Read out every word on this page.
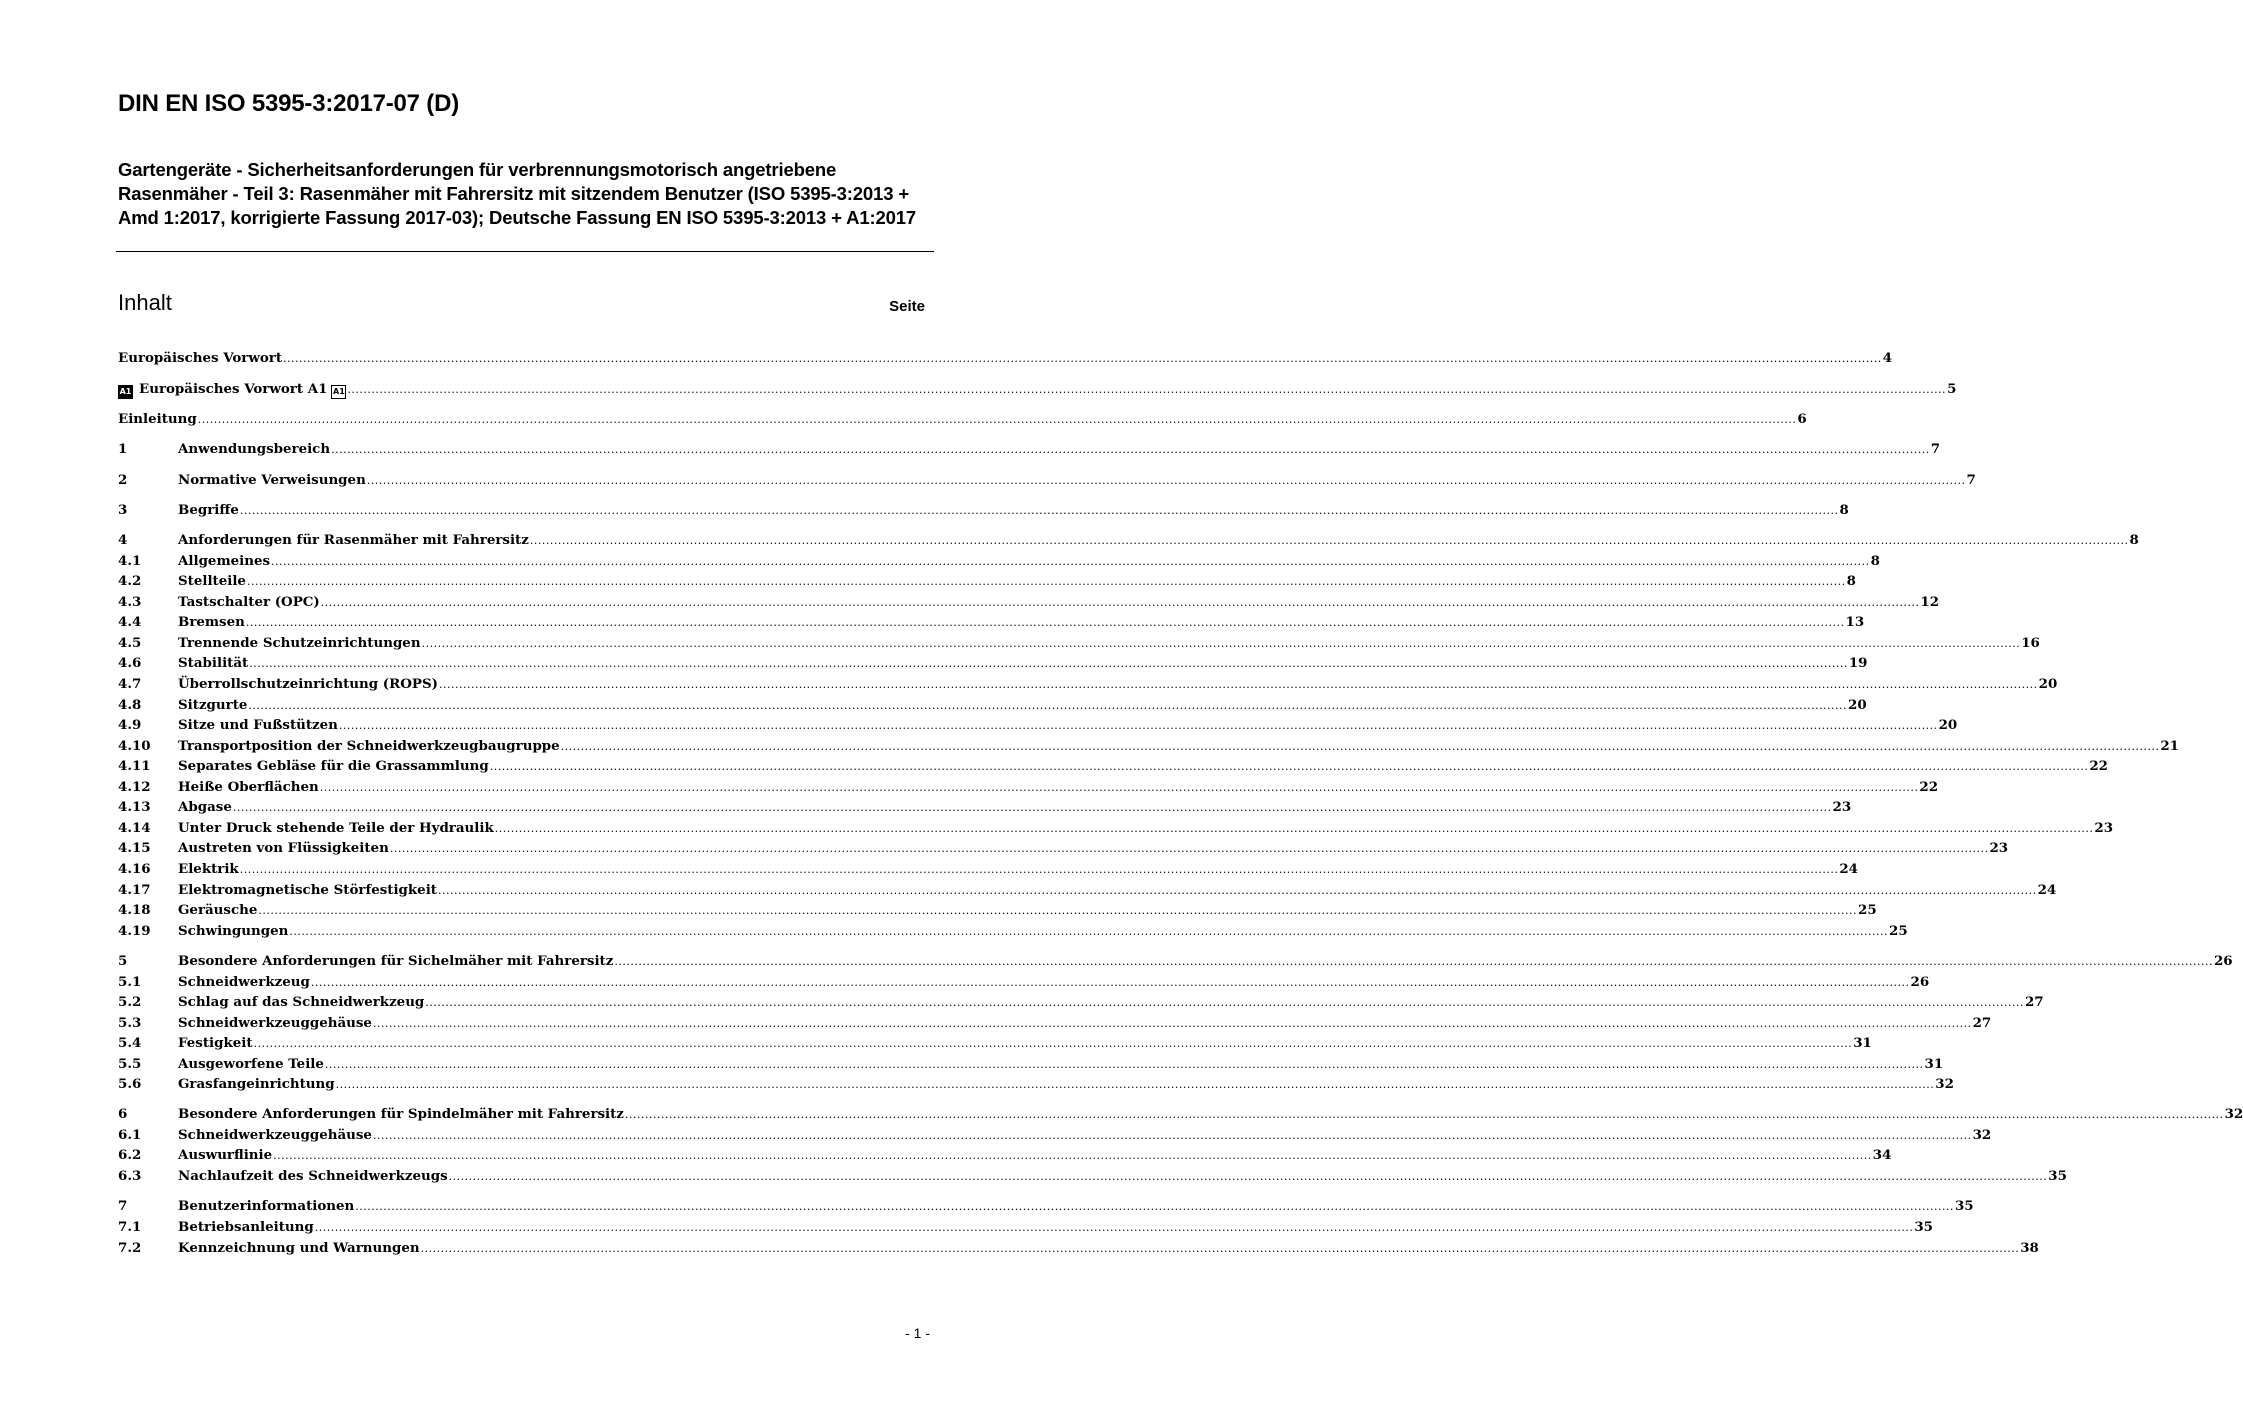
DIN EN ISO 5395-3:2017-07 (D)
Gartengeräte - Sicherheitsanforderungen für verbrennungsmotorisch angetriebene Rasenmäher - Teil 3: Rasenmäher mit Fahrersitz mit sitzendem Benutzer (ISO 5395-3:2013 + Amd 1:2017, korrigierte Fassung 2017-03); Deutsche Fassung EN ISO 5395-3:2013 + A1:2017
Inhalt	Seite
Europäisches Vorwort ................................................................................................................................................................................................................................................................................................................................................................................................................ 4
A1 Europäisches Vorwort A1 A1 ................................................................................................................................................................................................................................................................................................................................................................................................................ 5
Einleitung ................................................................................................................................................................................................................................................................................................................................................................................................................ 6
1	Anwendungsbereich ................................................................................................................................................................................................................................................................................................................................................................................................................ 7
2	Normative Verweisungen ................................................................................................................................................................................................................................................................................................................................................................................................................ 7
3	Begriffe ................................................................................................................................................................................................................................................................................................................................................................................................................ 8
4	Anforderungen für Rasenmäher mit Fahrersitz ................................................................................................................................................................................................................................................................................................................................................................................................................ 8
4.1	Allgemeines ................................................................................................................................................................................................................................................................................................................................................................................................................ 8
4.2	Stellteile ................................................................................................................................................................................................................................................................................................................................................................................................................ 8
4.3	Tastschalter (OPC) ................................................................................................................................................................................................................................................................................................................................................................................................................ 12
4.4	Bremsen ................................................................................................................................................................................................................................................................................................................................................................................................................ 13
4.5	Trennende Schutzeinrichtungen ................................................................................................................................................................................................................................................................................................................................................................................................................ 16
4.6	Stabilität ................................................................................................................................................................................................................................................................................................................................................................................................................ 19
4.7	Überrollschutzeinrichtung (ROPS) ................................................................................................................................................................................................................................................................................................................................................................................................................ 20
4.8	Sitzgurte ................................................................................................................................................................................................................................................................................................................................................................................................................ 20
4.9	Sitze und Fußstützen ................................................................................................................................................................................................................................................................................................................................................................................................................ 20
4.10	Transportposition der Schneidwerkzeugbaugruppe ................................................................................................................................................................................................................................................................................................................................................................................................................ 21
4.11	Separates Gebläse für die Grassammlung ................................................................................................................................................................................................................................................................................................................................................................................................................ 22
4.12	Heiße Oberflächen ................................................................................................................................................................................................................................................................................................................................................................................................................ 22
4.13	Abgase ................................................................................................................................................................................................................................................................................................................................................................................................................ 23
4.14	Unter Druck stehende Teile der Hydraulik ................................................................................................................................................................................................................................................................................................................................................................................................................ 23
4.15	Austreten von Flüssigkeiten ................................................................................................................................................................................................................................................................................................................................................................................................................ 23
4.16	Elektrik ................................................................................................................................................................................................................................................................................................................................................................................................................ 24
4.17	Elektromagnetische Störfestigkeit ................................................................................................................................................................................................................................................................................................................................................................................................................ 24
4.18	Geräusche ................................................................................................................................................................................................................................................................................................................................................................................................................ 25
4.19	Schwingungen ................................................................................................................................................................................................................................................................................................................................................................................................................ 25
5	Besondere Anforderungen für Sichelmäher mit Fahrersitz ................................................................................................................................................................................................................................................................................................................................................................................................................ 26
5.1	Schneidwerkzeug ................................................................................................................................................................................................................................................................................................................................................................................................................ 26
5.2	Schlag auf das Schneidwerkzeug ................................................................................................................................................................................................................................................................................................................................................................................................................ 27
5.3	Schneidwerkzeuggehäuse ................................................................................................................................................................................................................................................................................................................................................................................................................ 27
5.4	Festigkeit ................................................................................................................................................................................................................................................................................................................................................................................................................ 31
5.5	Ausgeworfene Teile ................................................................................................................................................................................................................................................................................................................................................................................................................ 31
5.6	Grasfangeinrichtung ................................................................................................................................................................................................................................................................................................................................................................................................................ 32
6	Besondere Anforderungen für Spindelmäher mit Fahrersitz ................................................................................................................................................................................................................................................................................................................................................................................................................ 32
6.1	Schneidwerkzeuggehäuse ................................................................................................................................................................................................................................................................................................................................................................................................................ 32
6.2	Auswurflinie ................................................................................................................................................................................................................................................................................................................................................................................................................ 34
6.3	Nachlaufzeit des Schneidwerkzeugs ................................................................................................................................................................................................................................................................................................................................................................................................................ 35
7	Benutzerinformationen ................................................................................................................................................................................................................................................................................................................................................................................................................ 35
7.1	Betriebsanleitung ................................................................................................................................................................................................................................................................................................................................................................................................................ 35
7.2	Kennzeichnung und Warnungen ................................................................................................................................................................................................................................................................................................................................................................................................................ 38
- 1 -
